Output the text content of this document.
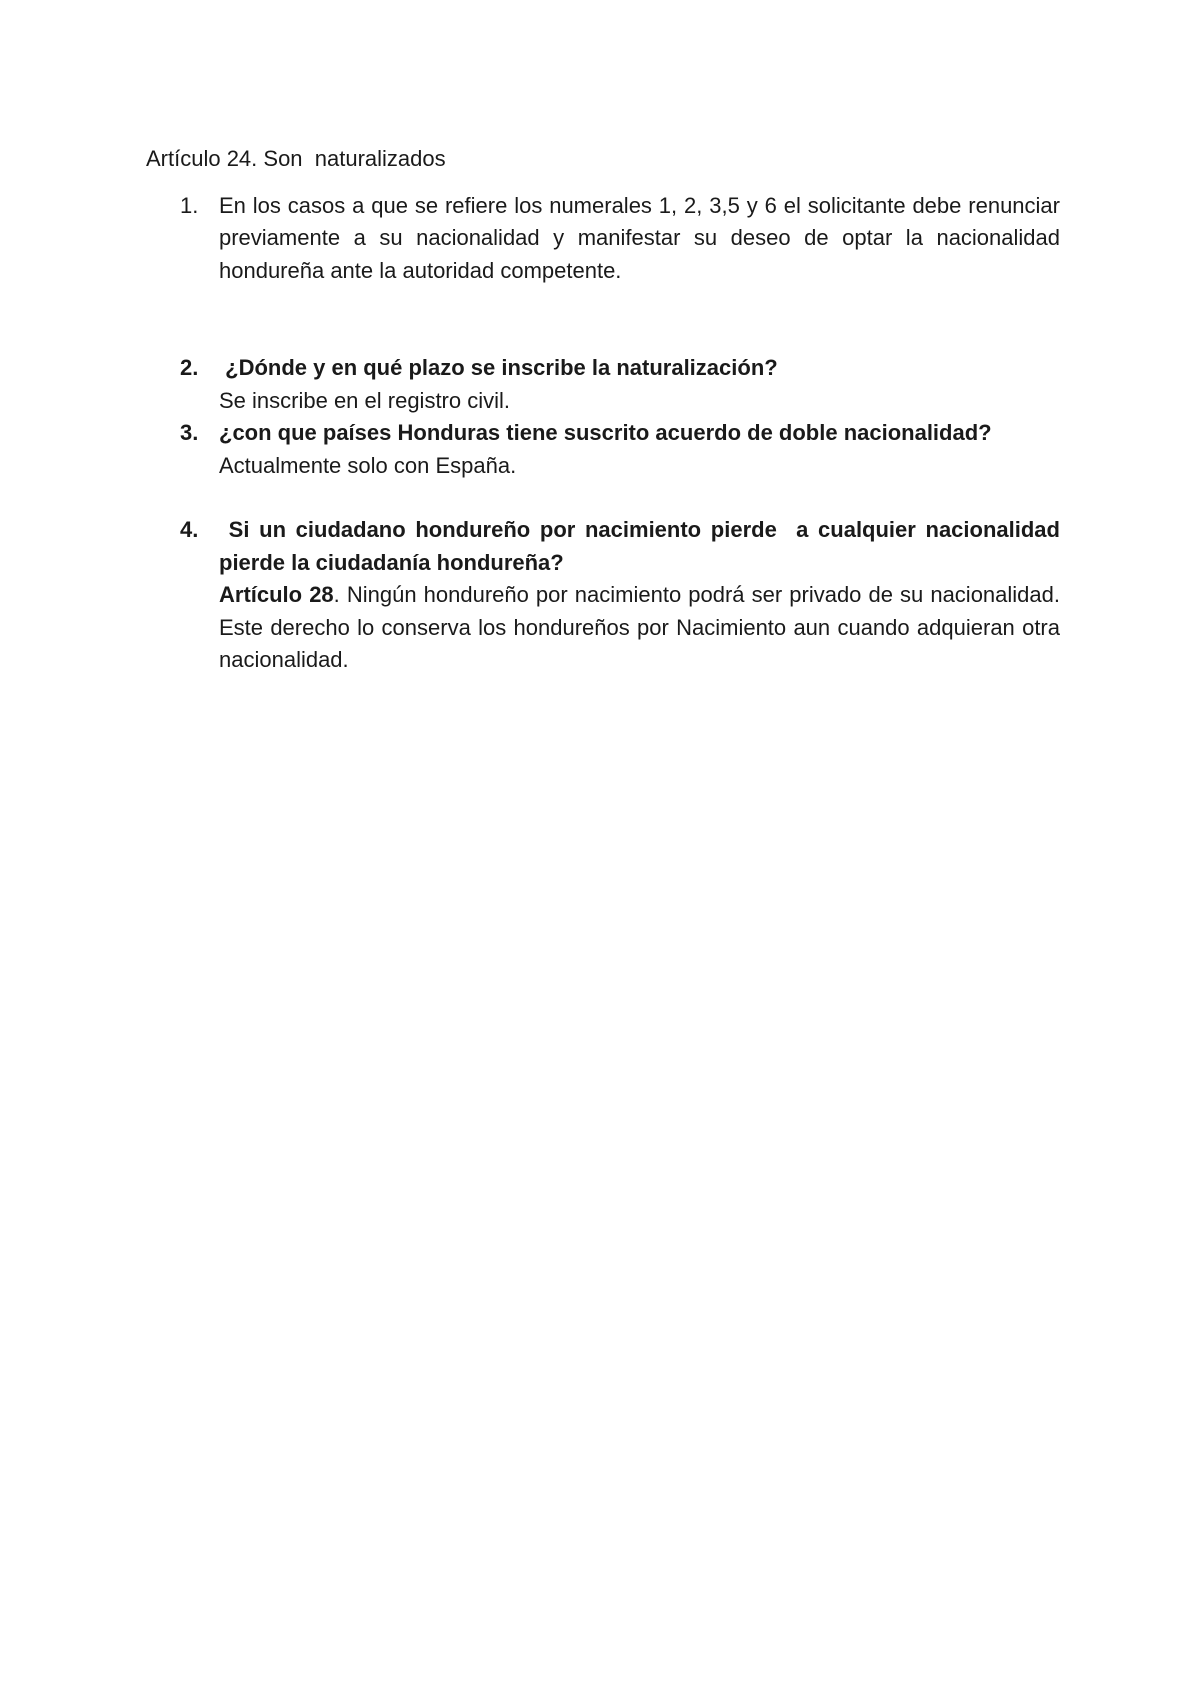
Artículo 24. Son  naturalizados

1. En los casos a que se refiere los numerales 1, 2, 3,5 y 6 el solicitante debe renunciar previamente a su nacionalidad y manifestar su deseo de optar la nacionalidad hondureña ante la autoridad competente.

2. ¿Dónde y en qué plazo se inscribe la naturalización?

Se inscribe en el registro civil.

3. ¿con que países Honduras tiene suscrito acuerdo de doble nacionalidad?

Actualmente solo con España.

4. Si un ciudadano hondureño por nacimiento pierde  a cualquier nacionalidad pierde la ciudadanía hondureña?

Artículo 28. Ningún hondureño por nacimiento podrá ser privado de su nacionalidad. Este derecho lo conserva los hondureños por Nacimiento aun cuando adquieran otra nacionalidad.
